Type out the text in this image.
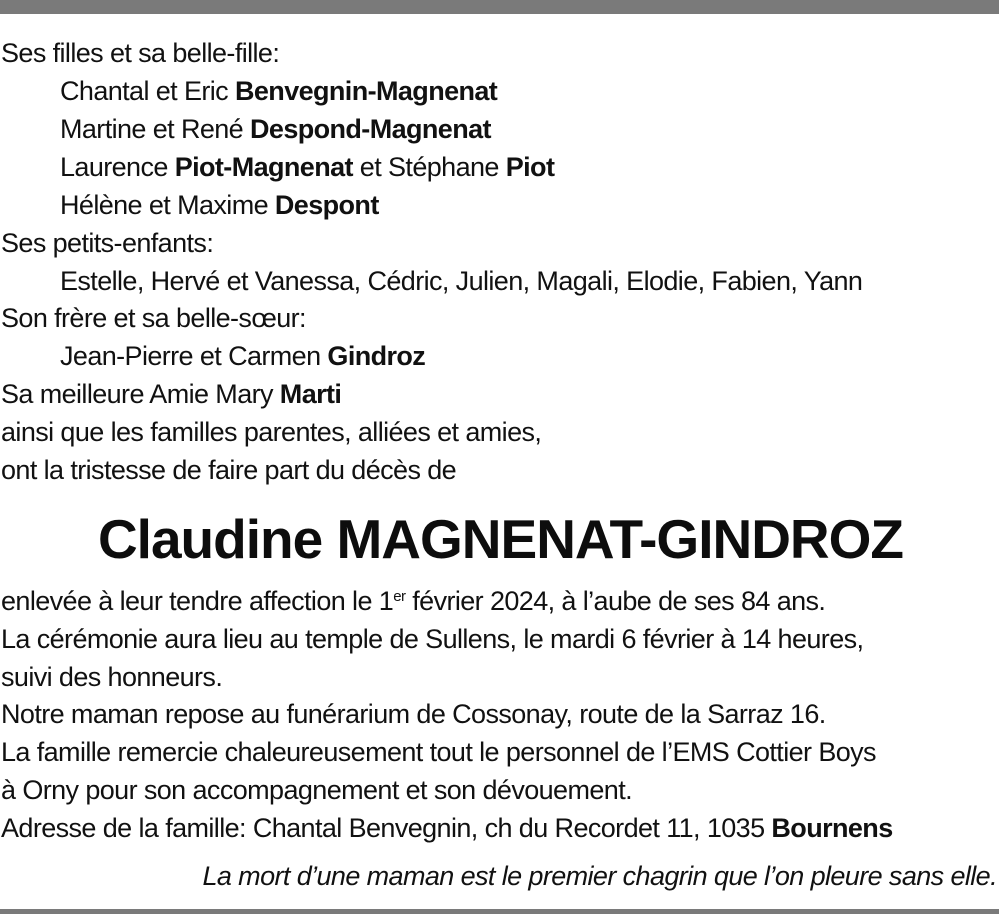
Ses filles et sa belle-fille:
Chantal et Eric Benvegnin-Magnenat
Martine et René Despond-Magnenat
Laurence Piot-Magnenat et Stéphane Piot
Hélène et Maxime Despont
Ses petits-enfants:
Estelle, Hervé et Vanessa, Cédric, Julien, Magali, Elodie, Fabien, Yann
Son frère et sa belle-sœur:
Jean-Pierre et Carmen Gindroz
Sa meilleure Amie Mary Marti
ainsi que les familles parentes, alliées et amies,
ont la tristesse de faire part du décès de
Claudine MAGNENAT-GINDROZ
enlevée à leur tendre affection le 1er février 2024, à l’aube de ses 84 ans.
La cérémonie aura lieu au temple de Sullens, le mardi 6 février à 14 heures,
suivi des honneurs.
Notre maman repose au funérarium de Cossonay, route de la Sarraz 16.
La famille remercie chaleureusement tout le personnel de l’EMS Cottier Boys
à Orny pour son accompagnement et son dévouement.
Adresse de la famille: Chantal Benvegnin, ch du Recordet 11, 1035 Bournens
La mort d’une maman est le premier chagrin que l’on pleure sans elle.
